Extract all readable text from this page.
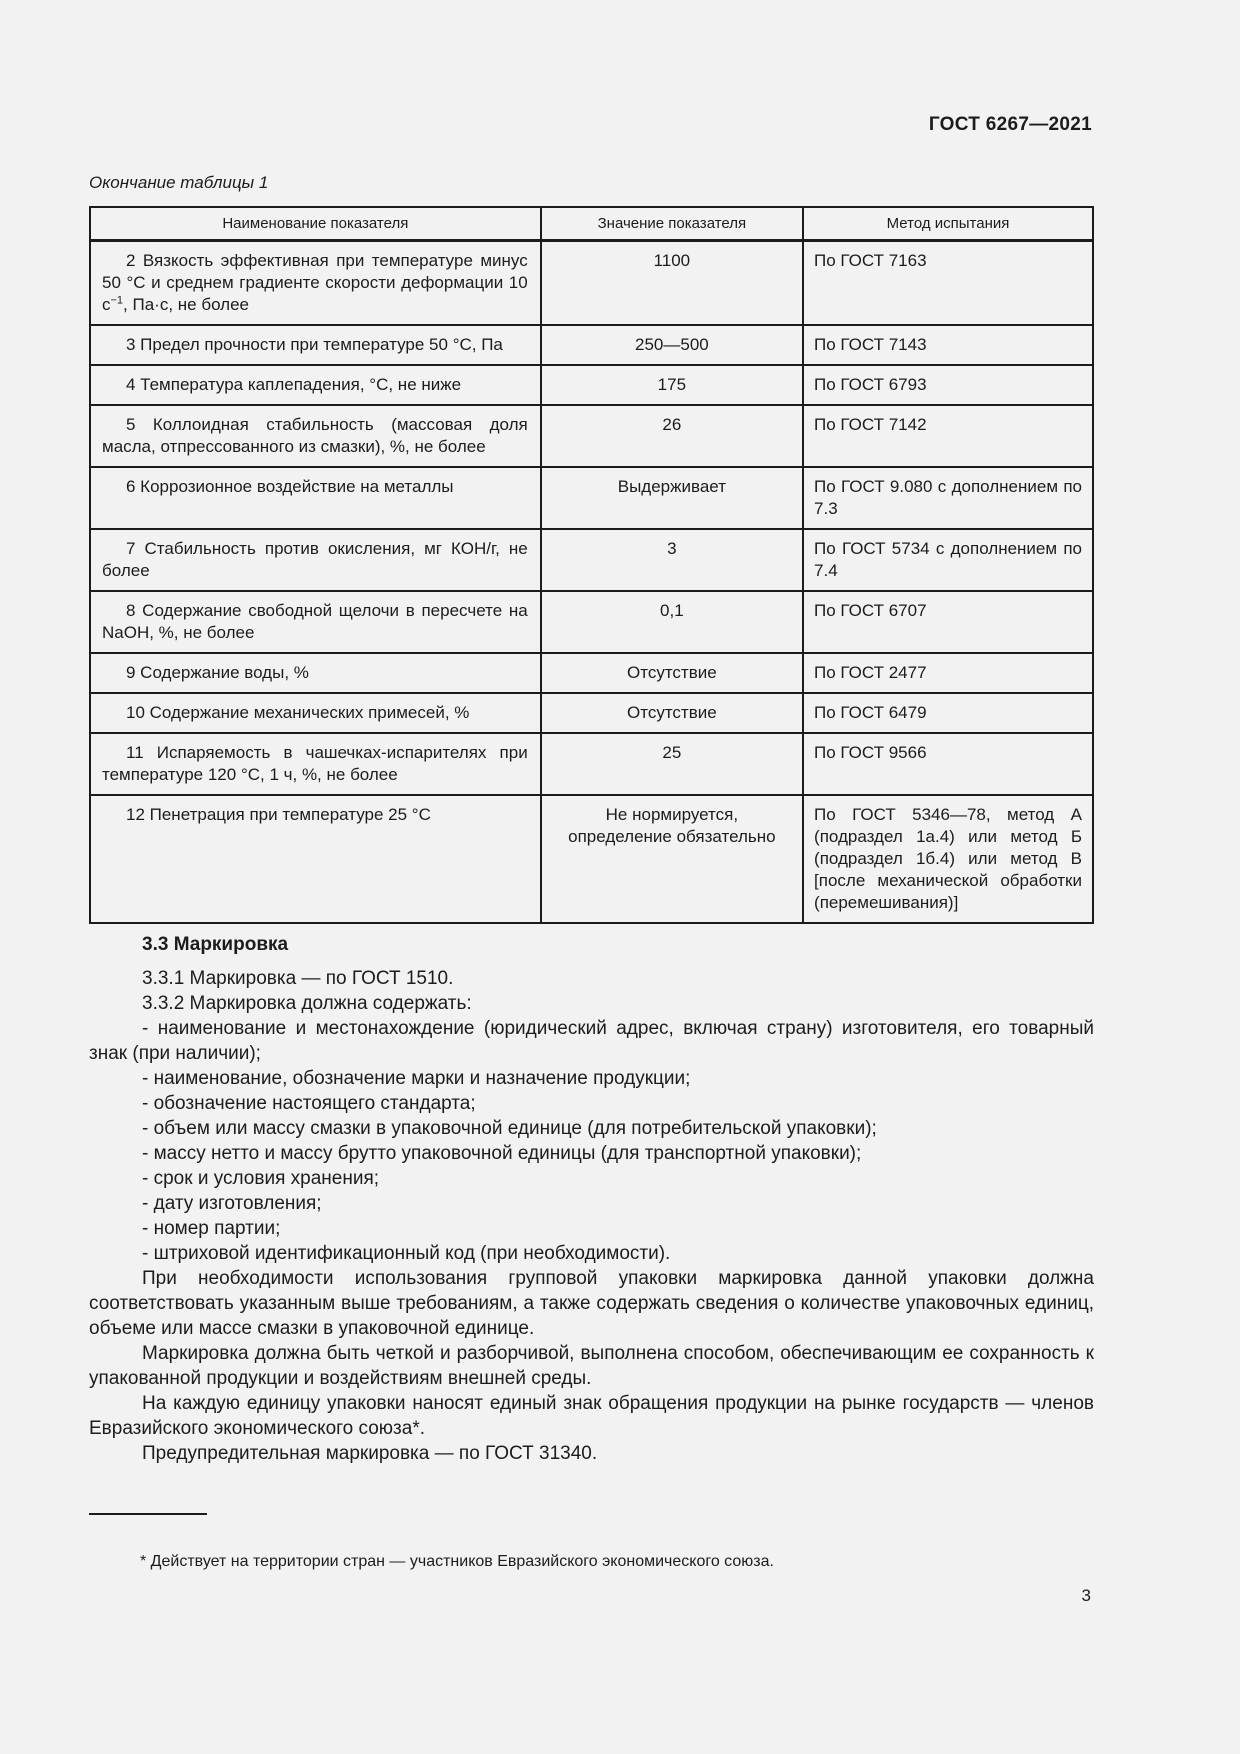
ГОСТ 6267—2021
Окончание таблицы 1
Наименование показателя	Значение показателя	Метод испытания
2 Вязкость эффективная при температуре минус 50 °С и среднем градиенте скорости деформации 10 $с^{-1}$, Па·с, не более	1100	По ГОСТ 7163
3 Предел прочности при температуре 50 °С, Па	250—500	По ГОСТ 7143
4 Температура каплепадения, °С, не ниже	175	По ГОСТ 6793
5 Коллоидная стабильность (массовая доля масла, отпрессованного из смазки), %, не более	26	По ГОСТ 7142
6 Коррозионное воздействие на металлы	Выдерживает	По ГОСТ 9.080 с дополнением по 7.3
7 Стабильность против окисления, мг КОН/г, не более	3	По ГОСТ 5734 с дополнением по 7.4
8 Содержание свободной щелочи в пересчете на NaOH, %, не более	0,1	По ГОСТ 6707
9 Содержание воды, %	Отсутствие	По ГОСТ 2477
10 Содержание механических примесей, %	Отсутствие	По ГОСТ 6479
11 Испаряемость в чашечках-испарителях при температуре 120 °С, 1 ч, %, не более	25	По ГОСТ 9566
12 Пенетрация при температуре 25 °С	Не нормируется, определение обязательно	По ГОСТ 5346—78, метод А (подраздел 1а.4) или метод Б (подраздел 1б.4) или метод В [после механической обработки (перемешивания)]

3.3 Маркировка

3.3.1 Маркировка — по ГОСТ 1510.

3.3.2 Маркировка должна содержать:

- наименование и местонахождение (юридический адрес, включая страну) изготовителя, его товарный знак (при наличии);

- наименование, обозначение марки и назначение продукции;

- обозначение настоящего стандарта;

- объем или массу смазки в упаковочной единице (для потребительской упаковки);

- массу нетто и массу брутто упаковочной единицы (для транспортной упаковки);

- срок и условия хранения;

- дату изготовления;

- номер партии;

- штриховой идентификационный код (при необходимости).

При необходимости использования групповой упаковки маркировка данной упаковки должна соответствовать указанным выше требованиям, а также содержать сведения о количестве упаковочных единиц, объеме или массе смазки в упаковочной единице.

Маркировка должна быть четкой и разборчивой, выполнена способом, обеспечивающим ее сохранность к упакованной продукции и воздействиям внешней среды.

На каждую единицу упаковки наносят единый знак обращения продукции на рынке государств — членов Евразийского экономического союза*.

Предупредительная маркировка — по ГОСТ 31340.

* Действует на территории стран — участников Евразийского экономического союза.
3
